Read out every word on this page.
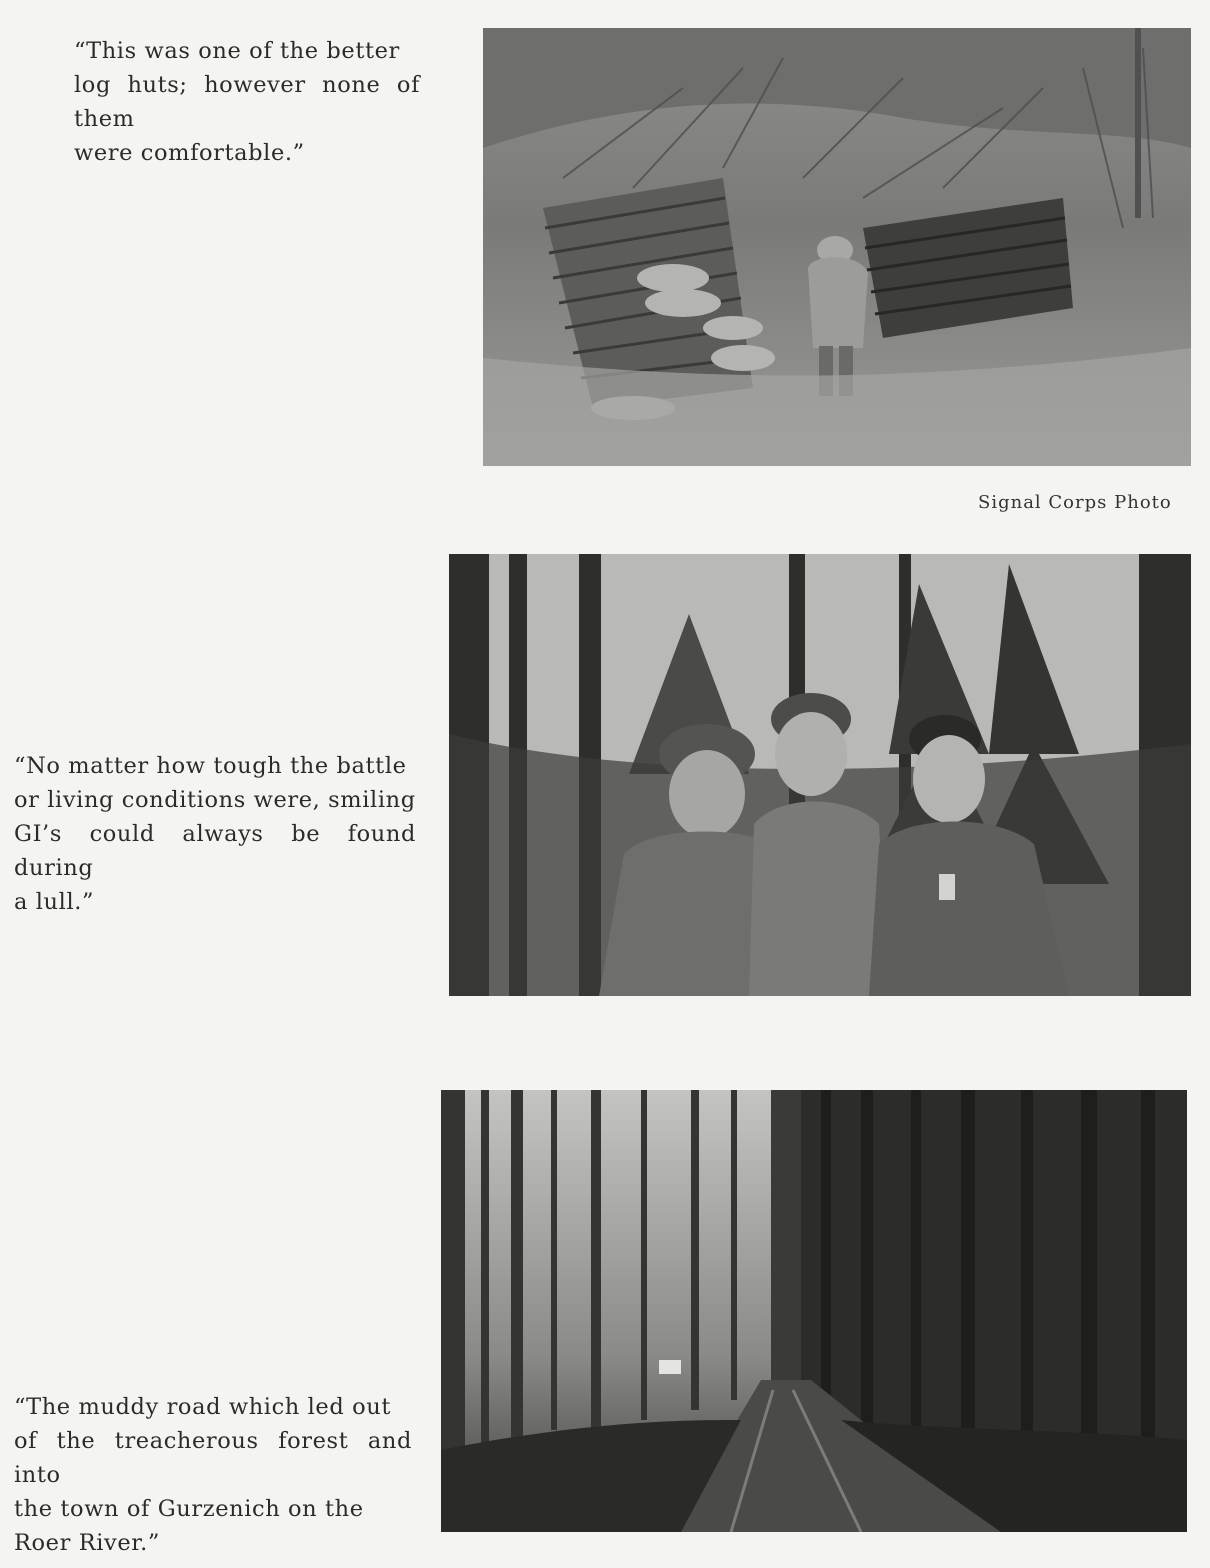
“This was one of the better
log huts; however none of them
were comfortable.”
Signal Corps Photo
“No matter how tough the battle
or living conditions were, smiling
GI’s could always be found during
a lull.”
“The muddy road which led out
of the treacherous forest and into
the town of Gurzenich on the
Roer River.”
